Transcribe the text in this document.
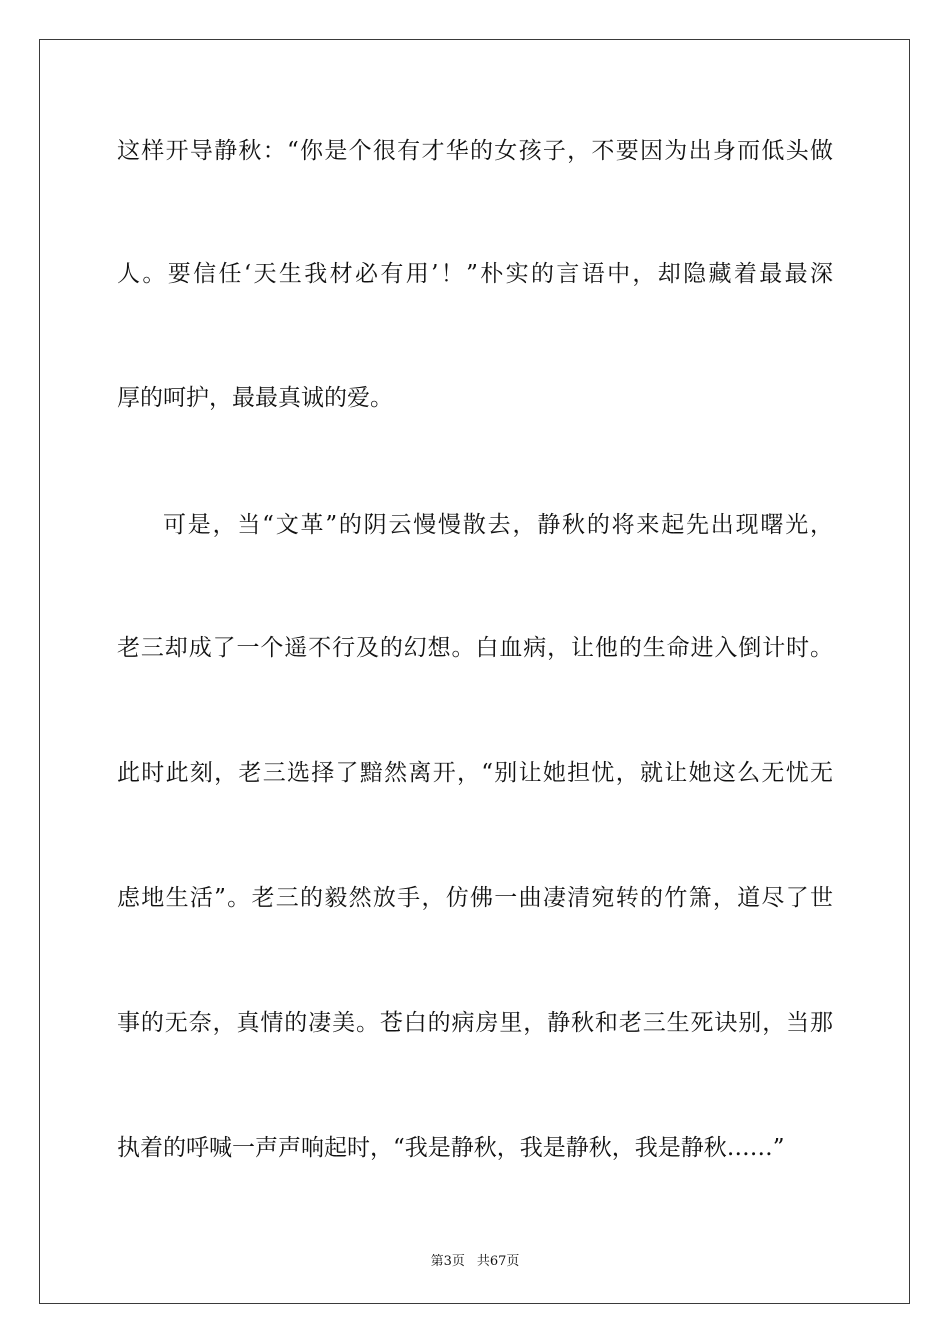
这样开导静秋：“你是个很有才华的女孩子，不要因为出身而低头做
人。要信任‘天生我材必有用’！”朴实的言语中，却隐藏着最最深
厚的呵护，最最真诚的爱。
可是，当“文革”的阴云慢慢散去，静秋的将来起先出现曙光，
老三却成了一个遥不行及的幻想。白血病，让他的生命进入倒计时。
此时此刻，老三选择了黯然离开，“别让她担忧，就让她这么无忧无
虑地生活”。老三的毅然放手，仿佛一曲凄清宛转的竹箫，道尽了世
事的无奈，真情的凄美。苍白的病房里，静秋和老三生死诀别，当那
执着的呼喊一声声响起时，“我是静秋，我是静秋，我是静秋……”
第3页 共67页
